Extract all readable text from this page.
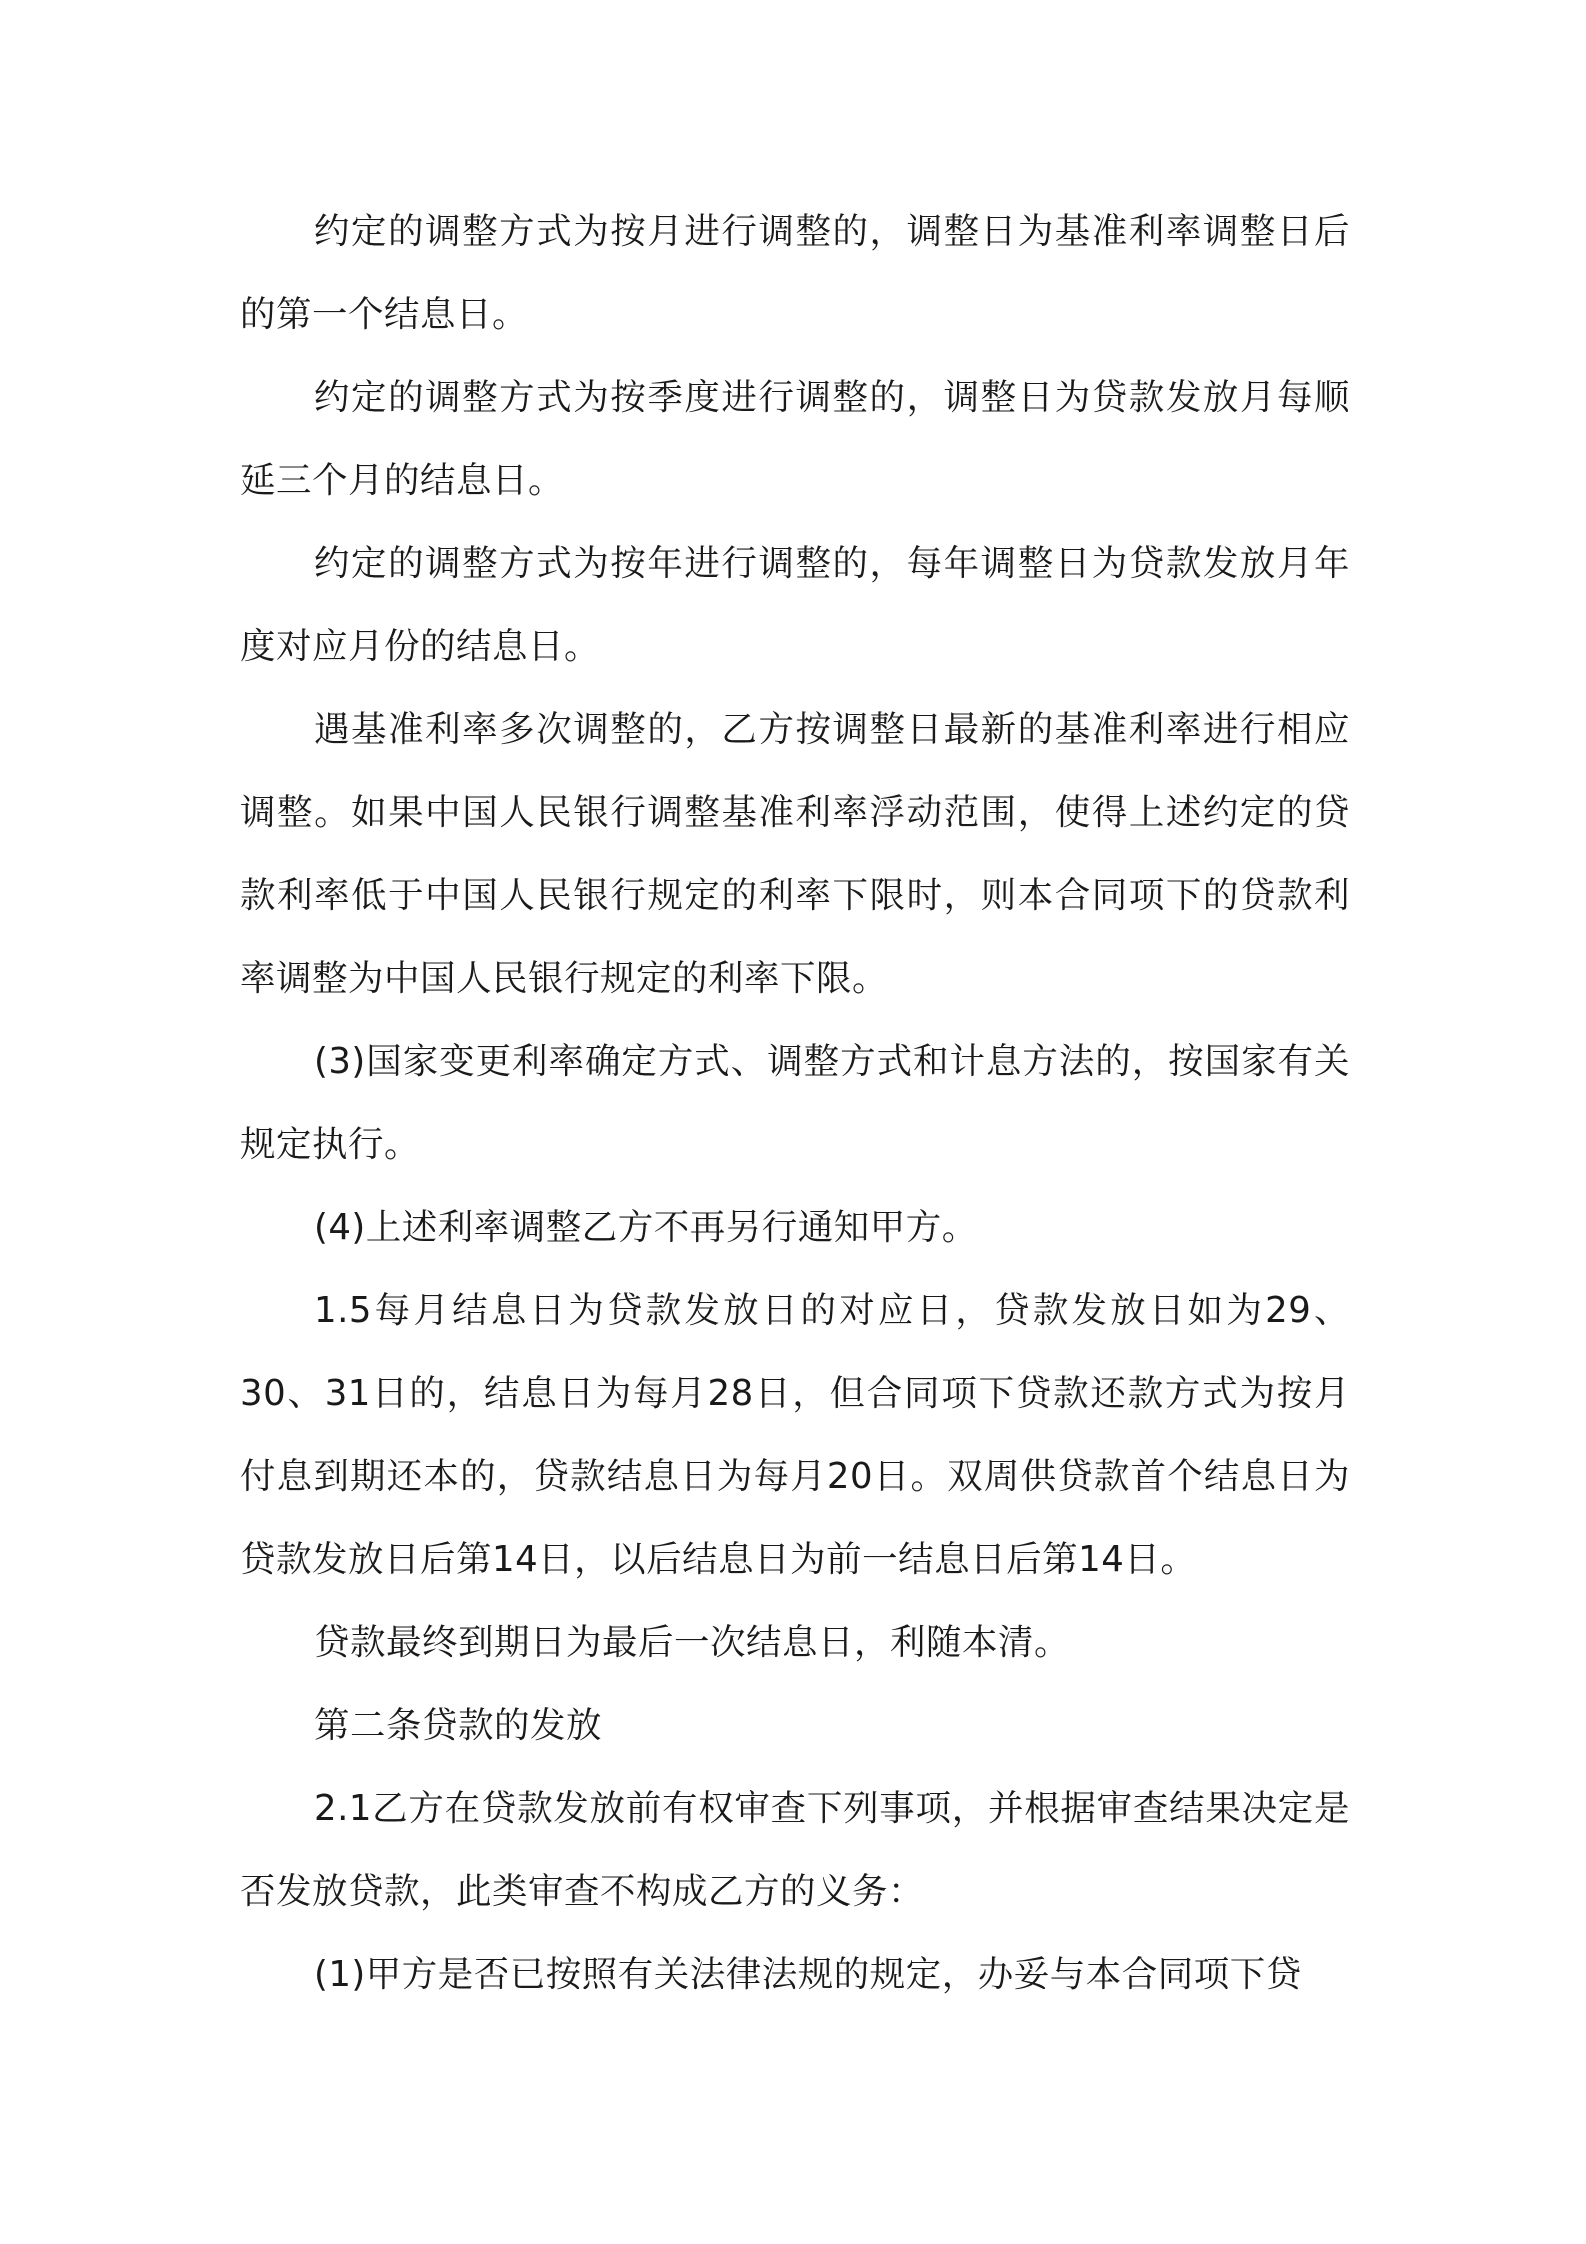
约定的调整方式为按月进行调整的，调整日为基准利率调整日后的第一个结息日。

约定的调整方式为按季度进行调整的，调整日为贷款发放月每顺延三个月的结息日。

约定的调整方式为按年进行调整的，每年调整日为贷款发放月年度对应月份的结息日。

遇基准利率多次调整的，乙方按调整日最新的基准利率进行相应调整。如果中国人民银行调整基准利率浮动范围，使得上述约定的贷款利率低于中国人民银行规定的利率下限时，则本合同项下的贷款利率调整为中国人民银行规定的利率下限。

(3)国家变更利率确定方式、调整方式和计息方法的，按国家有关规定执行。

(4)上述利率调整乙方不再另行通知甲方。

1.5每月结息日为贷款发放日的对应日，贷款发放日如为29、30、31日的，结息日为每月28日，但合同项下贷款还款方式为按月付息到期还本的，贷款结息日为每月20日。双周供贷款首个结息日为贷款发放日后第14日，以后结息日为前一结息日后第14日。

贷款最终到期日为最后一次结息日，利随本清。

第二条贷款的发放

2.1乙方在贷款发放前有权审查下列事项，并根据审查结果决定是否发放贷款，此类审查不构成乙方的义务：

(1)甲方是否已按照有关法律法规的规定，办妥与本合同项下贷
